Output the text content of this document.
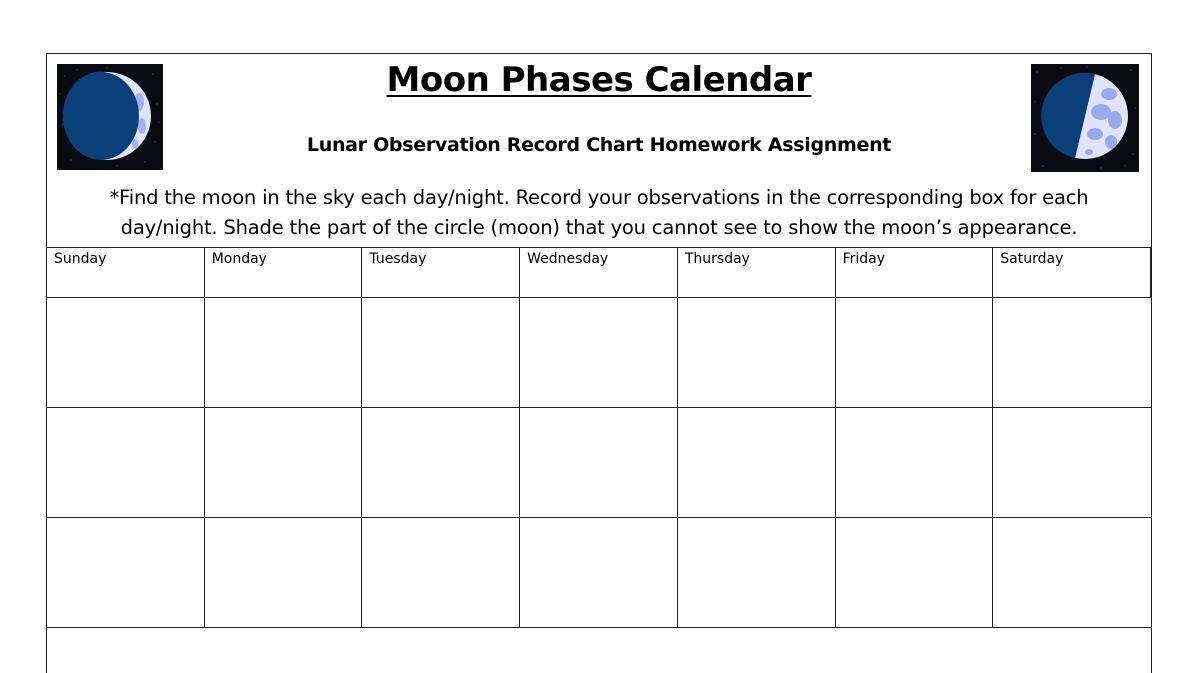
Moon Phases Calendar
Lunar Observation Record Chart Homework Assignment
*Find the moon in the sky each day/night. Record your observations in the corresponding box for each
day/night. Shade the part of the circle (moon) that you cannot see to show the moon’s appearance.
Sunday	Monday	Tuesday	Wednesday	Thursday	Friday	Saturday
